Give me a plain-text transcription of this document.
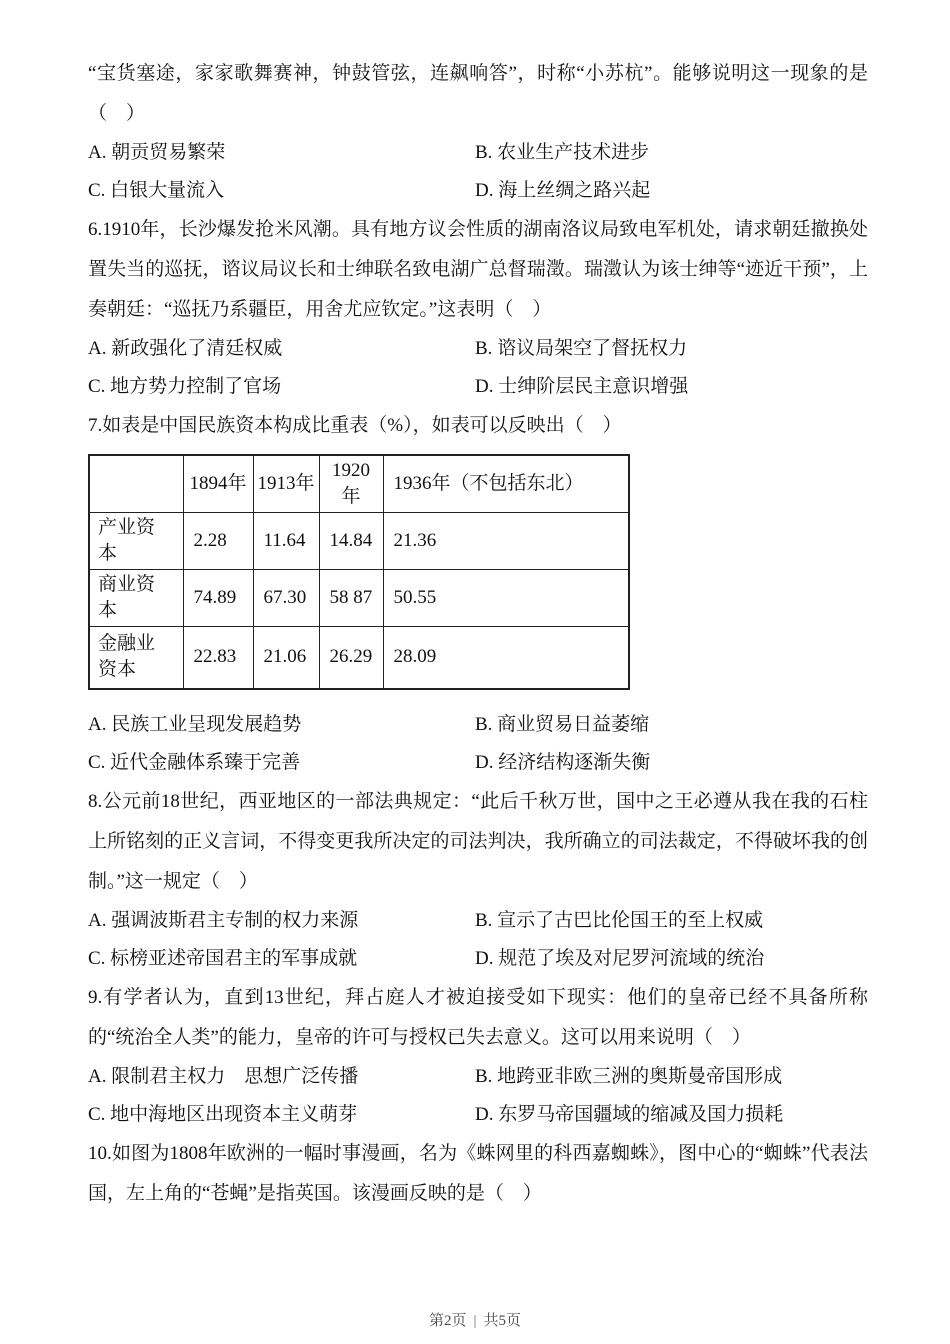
“宝货塞途，家家歌舞赛神，钟鼓管弦，连飙响答”，时称“小苏杭”。能够说明这一现象的是（　）

A. 朝贡贸易繁荣	B. 农业生产技术进步
C. 白银大量流入	D. 海上丝绸之路兴起

6.1910年，长沙爆发抢米风潮。具有地方议会性质的湖南洛议局致电军机处，请求朝廷撤换处置失当的巡抚，谘议局议长和士绅联名致电湖广总督瑞澂。瑞澂认为该士绅等“迹近干预”，上奏朝廷：“巡抚乃系疆臣，用舍尤应钦定。”这表明（　）

A. 新政强化了清廷权威	B. 谘议局架空了督抚权力
C. 地方势力控制了官场	D. 士绅阶层民主意识增强

7.如表是中国民族资本构成比重表（%），如表可以反映出（　）

	1894年	1913年	1920年	1936年（不包括东北）
产业资本	2.28	11.64	14.84	21.36
商业资本	74.89	67.30	58 87	50.55
金融业资本	22.83	21.06	26.29	28.09
A. 民族工业呈现发展趋势	B. 商业贸易日益萎缩
C. 近代金融体系臻于完善	D. 经济结构逐渐失衡

8.公元前18世纪，西亚地区的一部法典规定：“此后千秋万世，国中之王必遵从我在我的石柱上所铭刻的正义言词，不得变更我所决定的司法判决，我所确立的司法裁定，不得破坏我的创制。”这一规定（　）

A. 强调波斯君主专制的权力来源	B. 宣示了古巴比伦国王的至上权威
C. 标榜亚述帝国君主的军事成就	D. 规范了埃及对尼罗河流域的统治

9.有学者认为，直到13世纪，拜占庭人才被迫接受如下现实：他们的皇帝已经不具备所称的“统治全人类”的能力，皇帝的许可与授权已失去意义。这可以用来说明（　）

A. 限制君主权力　思想广泛传播	B. 地跨亚非欧三洲的奥斯曼帝国形成
C. 地中海地区出现资本主义萌芽	D. 东罗马帝国疆域的缩减及国力损耗

10.如图为1808年欧洲的一幅时事漫画，名为《蛛网里的科西嘉蜘蛛》，图中心的“蜘蛛”代表法国，左上角的“苍蝇”是指英国。该漫画反映的是（　）

第2页 | 共5页
